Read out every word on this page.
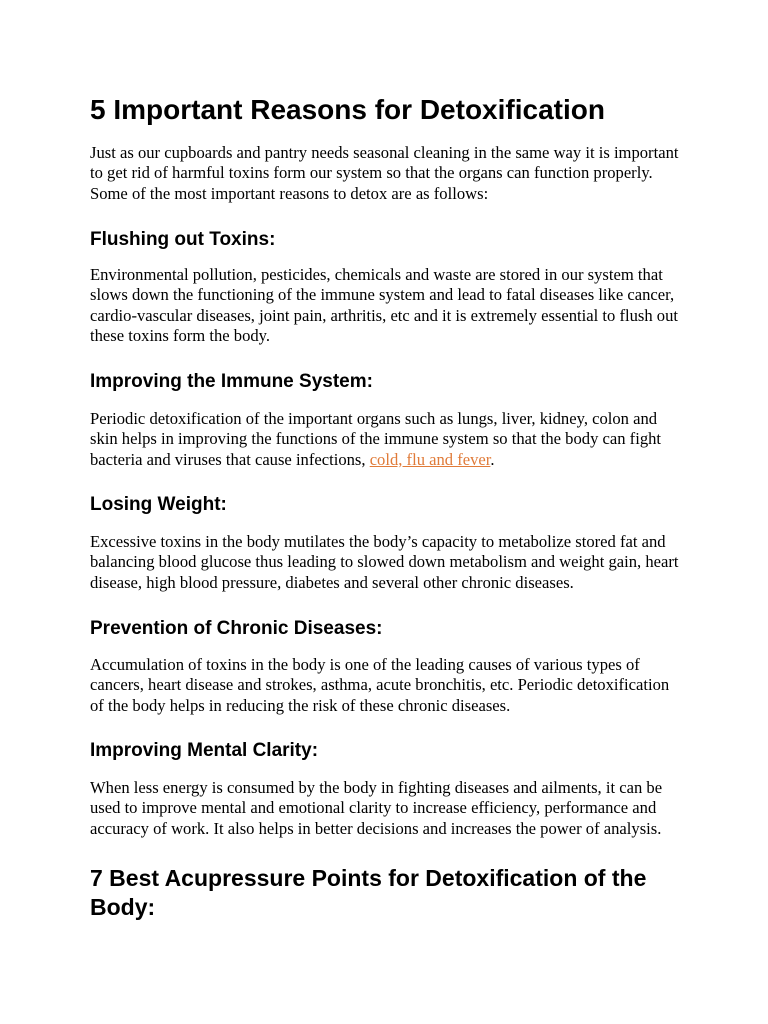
5 Important Reasons for Detoxification

Just as our cupboards and pantry needs seasonal cleaning in the same way it is important to get rid of harmful toxins form our system so that the organs can function properly. Some of the most important reasons to detox are as follows:

Flushing out Toxins:

Environmental pollution, pesticides, chemicals and waste are stored in our system that slows down the functioning of the immune system and lead to fatal diseases like cancer, cardio-vascular diseases, joint pain, arthritis, etc and it is extremely essential to flush out these toxins form the body.

Improving the Immune System:

Periodic detoxification of the important organs such as lungs, liver, kidney, colon and skin helps in improving the functions of the immune system so that the body can fight bacteria and viruses that cause infections, cold, flu and fever.

Losing Weight:

Excessive toxins in the body mutilates the body’s capacity to metabolize stored fat and balancing blood glucose thus leading to slowed down metabolism and weight gain, heart disease, high blood pressure, diabetes and several other chronic diseases.

Prevention of Chronic Diseases:

Accumulation of toxins in the body is one of the leading causes of various types of cancers, heart disease and strokes, asthma, acute bronchitis, etc. Periodic detoxification of the body helps in reducing the risk of these chronic diseases.

Improving Mental Clarity:

When less energy is consumed by the body in fighting diseases and ailments, it can be used to improve mental and emotional clarity to increase efficiency, performance and accuracy of work. It also helps in better decisions and increases the power of analysis.

7 Best Acupressure Points for Detoxification of the Body:
